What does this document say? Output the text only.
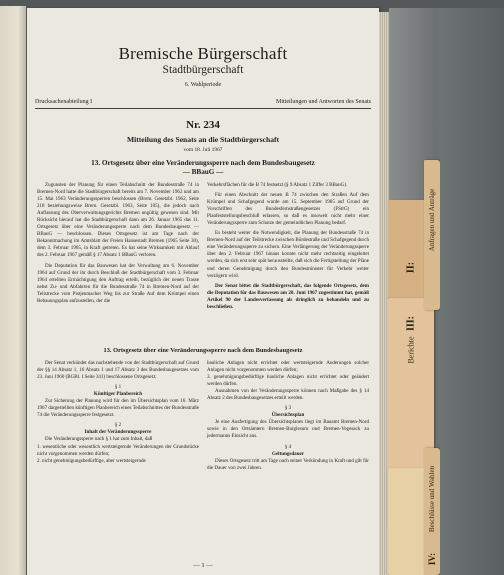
Bremische Bürgerschaft
Stadtbürgerschaft
6. Wahlperiode
Drucksachenabteilung I	Mitteilungen und Antworten des Senats
Nr. 234
Mitteilung des Senats an die Stadtbürgerschaft
vom 18. Juli 1967
13. Ortsgesetz über eine Veränderungssperre nach dem Bundesbaugesetz
— BBauG —

Zugunsten der Planung für einen Teilabschnitt der Bundesstraße 74 in Bremen-Nord hatte die Stadtbürgerschaft bereits am 7. November 1962 und am 15. Mai 1963 Veränderungssperren beschlossen (Brem. Gesetzbl. 1962, Seite 218 beziehungsweise Brem. Gesetzbl. 1963, Seite 105), die jedoch nach Auflassung des Oberverwaltungsgerichts Bremen ungültig gewesen sind. Mit Rücksicht hierauf hat die Stadtbürgerschaft dann am 26. Januar 1965 das 11. Ortsgesetz über eine Veränderungssperre nach dem Bundesbaugesetz — BBauG — beschlossen. Dieses Ortsgesetz ist am Tage nach der Bekanntmachung im Amtsblatt der Freien Hansestadt Bremen (1965 Seite 30), dem 3. Februar 1965, in Kraft getreten. Es hat seine Wirksamkeit mit Ablauf des 2. Februar 1967 gemäß § 17 Absatz 1 BBauG verloren.

Die Deputation für das Bauwesen hat der Verwaltung am 6. November 1964 auf Grund der ihr durch Beschluß der Stadtbürgerschaft vom 3. Februar 1964 erteilten Ermächtigung den Auftrag erteilt, bezüglich der neuen Trasse nebst Zu- und Abfahrten für die Bundesstraße 74 in Bremen-Nord auf der Teilstrecke vom Pistjenmacher Weg bis zur Straße Auf dem Krümpel einen Bebauungsplan aufzustellen, der die

Verkehrsflächen für die B 74 festsetzt (§ 9 Absatz 1 Ziffer 3 BBauG).

Für einen Abschnitt der neuen B 74 zwischen den Straßen Auf dem Krümpel und Schafgegend wurde am 15. September 1965 auf Grund der Vorschriften des Bundesfernstraßengesetzes (FStrG) ein Planfeststellungsbeschluß erlassen, so daß es insoweit nicht mehr einer Veränderungssperre zum Schutze der gemeindlichen Planung bedarf.

Es besteht weiter die Notwendigkeit, die Planung der Bundesstraße 74 in Bremen-Nord auf der Teilstrecke zwischen Bördestraße und Schafgegend durch eine Veränderungssperre zu sichern. Eine Verlängerung der Veränderungssperre über den 2. Februar 1967 hinaus konnte nicht mehr rechtzeitig eingeleitet werden, da sich erst sehr spät herausstellte, daß sich die Fertigstellung der Pläne und deren Genehmigung durch den Bundesminister für Verkehr weiter verzögern wird.

Der Senat bittet die Stadtbürgerschaft, das folgende Ortsgesetz, dem die Deputation für das Bauwesen am 20. Juni 1967 zugestimmt hat, gemäß Artikel 90 der Landesverfassung als dringlich zu behandeln und zu beschließen.

13. Ortsgesetz über eine Veränderungssperre nach dem Bundesbaugesetz

Der Senat verkündet das nachstehende von der Stadtbürgerschaft auf Grund der §§ 14 Absatz 1, 16 Absatz 1 und 17 Absatz 3 des Bundesbaugesetzes vom 23. Juni 1960 (BGBl. I Seite 341) beschlossene Ortsgesetz:

§ 1

Künftiger Planbereich

Zur Sicherung der Planung wird für den im Übersichtsplan vom 16. März 1967 dargestellten künftigen Planbereich eines Teilabschnittes der Bundesstraße 74 die Veränderungssperre festgesetzt.

§ 2

Inhalt der Veränderungssperre

Die Veränderungssperre nach § 1 hat zum Inhalt, daß

1. wesentliche oder wesentlich wertsteigernde Veränderungen der Grundstücke nicht vorgenommen werden dürfen;

2. nicht genehmigungsbedürftige, aber wertsteigernde

bauliche Anlagen nicht errichtet oder wertsteigernde Änderungen solcher Anlagen nicht vorgenommen werden dürfen;

3. genehmigungsbedürftige bauliche Anlagen nicht errichtet oder geändert werden dürfen.

Ausnahmen von der Veränderungssperre können nach Maßgabe des § 14 Absatz 2 des Bundesbaugesetzes erteilt werden.

§ 3

Übersichtsplan

Je eine Ausfertigung des Übersichtsplanes liegt im Bauamt Bremen-Nord sowie in den Ortsämtern Bremen-Burglesum und Bremen-Vegesack zu jedermanns Einsicht aus.

§ 4

Geltungsdauer

Dieses Ortsgesetz tritt am Tage nach seiner Verkündung in Kraft und gilt für die Dauer von zwei Jahren.

— 1 —
II:
III:
Berichte
Anfragen und Anträge
IV:
Beschlüsse und Wahlen
